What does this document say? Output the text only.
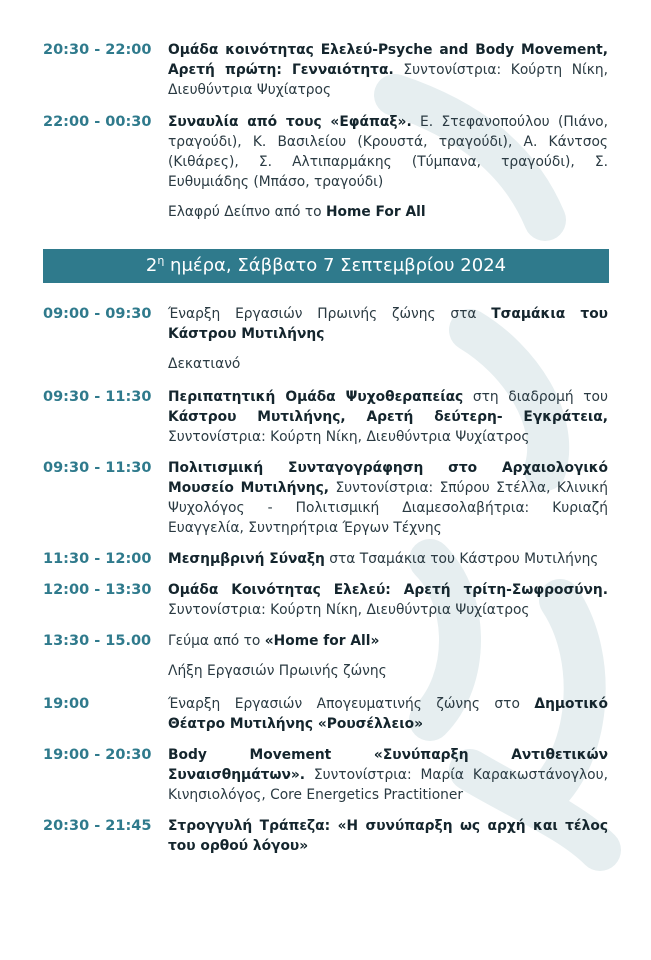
20:30 - 22:00	Ομάδα κοινότητας Ελελεύ-Psyche and Body Movement, Αρετή πρώτη: Γενναιότητα. Συντονίστρια: Κούρτη Νίκη, Διευθύντρια Ψυχίατρος
22:00 - 00:30	Συναυλία από τους «Εφάπαξ». Ε. Στεφανοπούλου (Πιάνο, τραγούδι), Κ. Βασιλείου (Κρουστά, τραγούδι), Α. Κάντσος (Κιθάρες), Σ. Αλτιπαρμάκης (Τύμπανα, τραγούδι), Σ. Ευθυμιάδης (Μπάσο, τραγούδι)
Ελαφρύ Δείπνο από το Home For All
$2^\eta$ ημέρα, Σάββατο 7 Σεπτεμβρίου 2024
09:00 - 09:30	Έναρξη Εργασιών Πρωινής ζώνης στα Τσαμάκια του Κάστρου Μυτιλήνης
Δεκατιανό
09:30 - 11:30	Περιπατητική Ομάδα Ψυχοθεραπείας στη διαδρομή του Κάστρου Μυτιλήνης, Αρετή δεύτερη- Εγκράτεια, Συντονίστρια: Κούρτη Νίκη, Διευθύντρια Ψυχίατρος
09:30 - 11:30	Πολιτισμική Συνταγογράφηση στο Αρχαιολογικό Μουσείο Μυτιλήνης, Συντονίστρια: Σπύρου Στέλλα, Κλινική Ψυχολόγος - Πολιτισμική Διαμεσολαβήτρια: Κυριαζή Ευαγγελία, Συντηρήτρια Έργων Τέχνης
11:30 - 12:00	Μεσημβρινή Σύναξη στα Τσαμάκια του Κάστρου Μυτιλήνης
12:00 - 13:30	Ομάδα Κοινότητας Ελελεύ: Αρετή τρίτη-Σωφροσύνη. Συντονίστρια: Κούρτη Νίκη, Διευθύντρια Ψυχίατρος
13:30 - 15.00	Γεύμα από το «Home for All»
Λήξη Εργασιών Πρωινής ζώνης
19:00	Έναρξη Εργασιών Απογευματινής ζώνης στο Δημοτικό Θέατρο Μυτιλήνης «Ρουσέλλειο»
19:00 - 20:30	Body Movement «Συνύπαρξη Αντιθετικών Συναισθημάτων». Συντονίστρια: Μαρία Καρακωστάνογλου, Κινησιολόγος, Core Energetics Practitioner
20:30 - 21:45	Στρογγυλή Τράπεζα: «Η συνύπαρξη ως αρχή και τέλος του ορθού λόγου»
